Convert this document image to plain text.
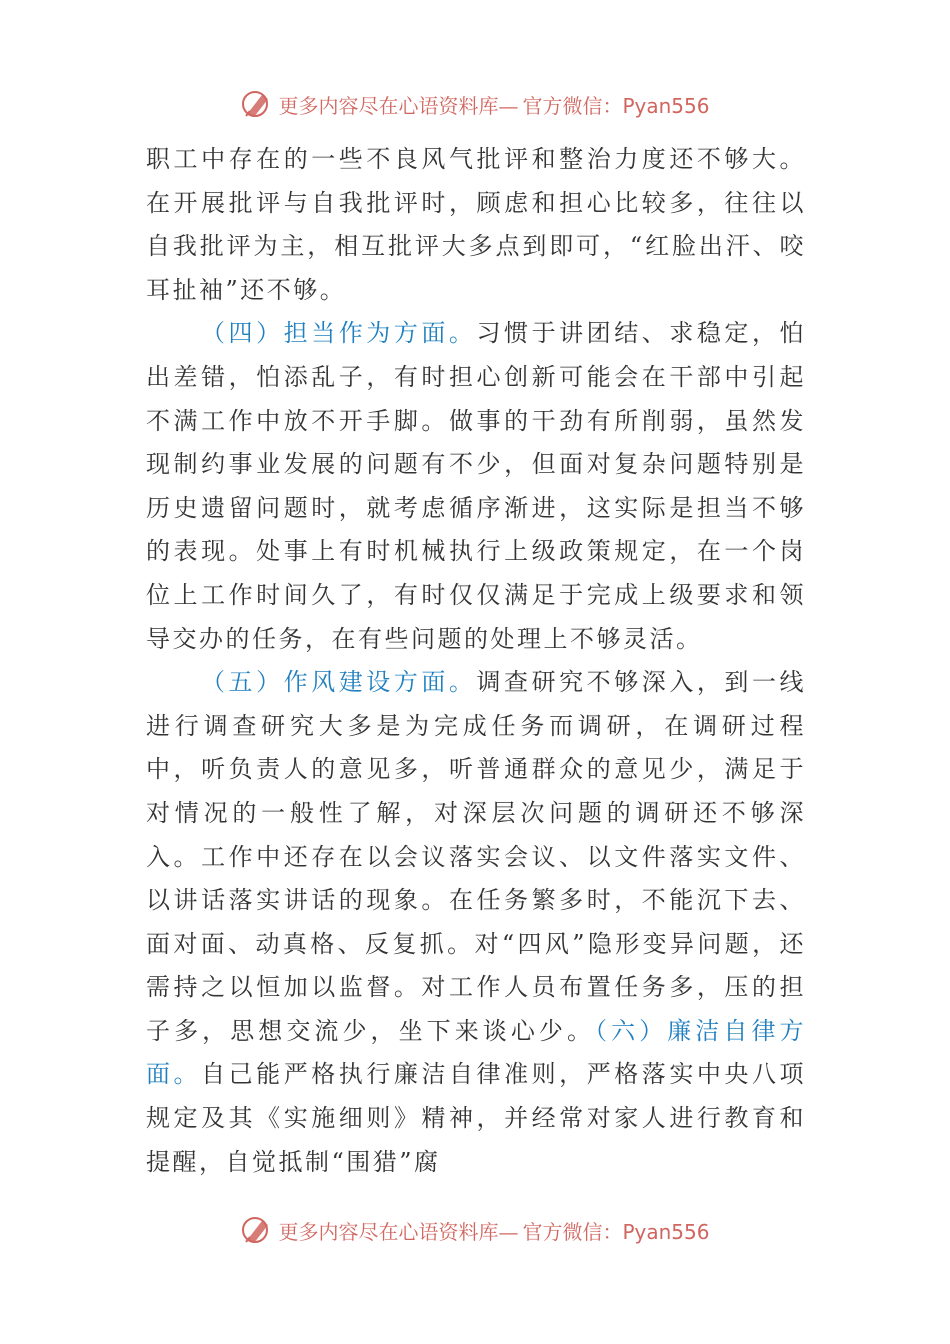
更多内容尽在心语资料库— 官方微信：Pyan556

职工中存在的一些不良风气批评和整治力度还不够大。在开展批评与自我批评时，顾虑和担心比较多，往往以自我批评为主，相互批评大多点到即可，“红脸出汗、咬耳扯袖”还不够。

（四）担当作为方面。习惯于讲团结、求稳定，怕出差错，怕添乱子，有时担心创新可能会在干部中引起不满工作中放不开手脚。做事的干劲有所削弱，虽然发现制约事业发展的问题有不少，但面对复杂问题特别是历史遗留问题时，就考虑循序渐进，这实际是担当不够的表现。处事上有时机械执行上级政策规定，在一个岗位上工作时间久了，有时仅仅满足于完成上级要求和领导交办的任务，在有些问题的处理上不够灵活。

（五）作风建设方面。调查研究不够深入，到一线进行调查研究大多是为完成任务而调研，在调研过程中，听负责人的意见多，听普通群众的意见少，满足于对情况的一般性了解，对深层次问题的调研还不够深入。工作中还存在以会议落实会议、以文件落实文件、以讲话落实讲话的现象。在任务繁多时，不能沉下去、面对面、动真格、反复抓。对“四风”隐形变异问题，还需持之以恒加以监督。对工作人员布置任务多，压的担子多，思想交流少，坐下来谈心少。（六）廉洁自律方面。自己能严格执行廉洁自律准则，严格落实中央八项规定及其《实施细则》精神，并经常对家人进行教育和提醒，自觉抵制“围猎”腐

更多内容尽在心语资料库— 官方微信：Pyan556
